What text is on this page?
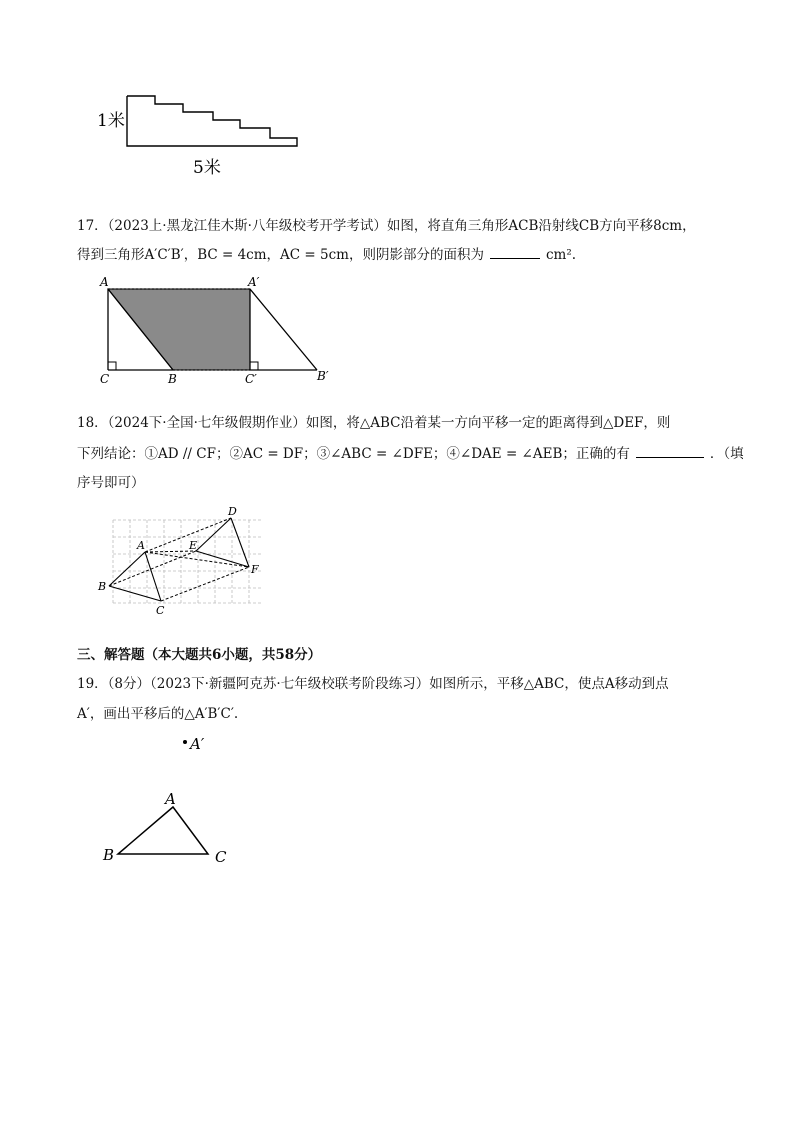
1米
5米
17．（2023上·黑龙江佳木斯·八年级校考开学考试）如图，将直角三角形ACB沿射线CB方向平移8cm，
得到三角形A′C′B′，BC = 4cm，AC = 5cm，则阴影部分的面积为	cm².
A	A′
C	B	C′	B′
18．（2024下·全国·七年级假期作业）如图，将△ABC沿着某一方向平移一定的距离得到△DEF，则
下列结论：①AD // CF；②AC = DF；③∠ABC = ∠DFE；④∠DAE = ∠AEB；正确的有	．（填
序号即可）
A
B
C
D
E
F
三、解答题（本大题共6小题，共58分）
19．（8分）（2023下·新疆阿克苏·七年级校联考阶段练习）如图所示，平移△ABC，使点A移动到点
A′，画出平移后的△A′B′C′.
A′
A
B	C
